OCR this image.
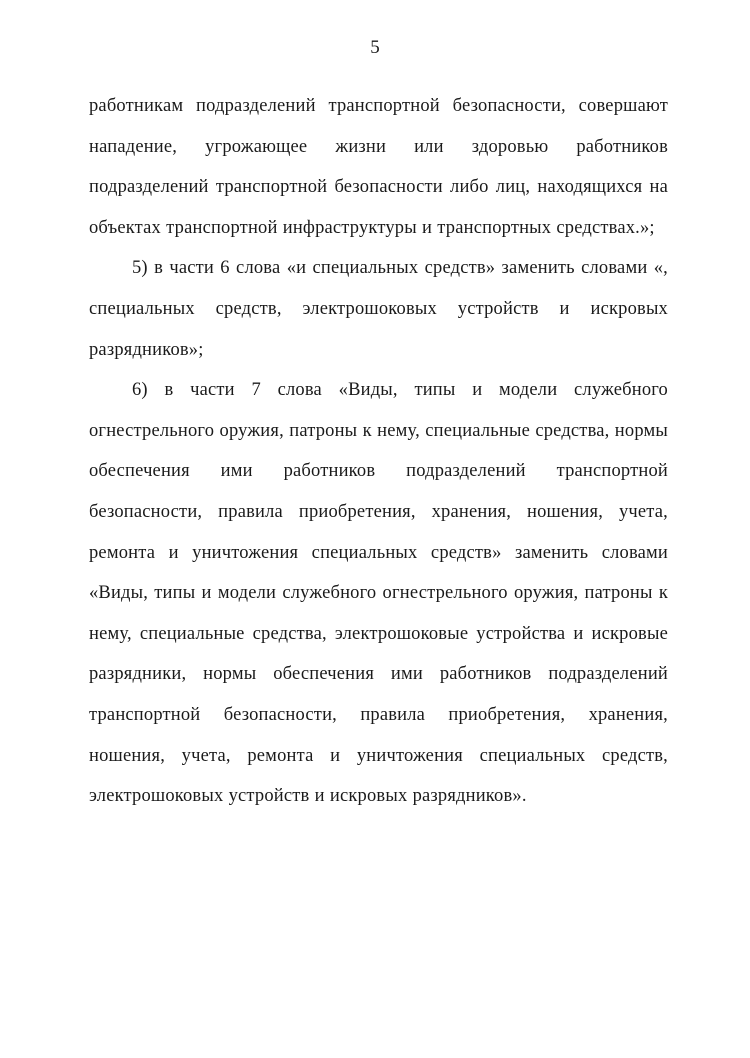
5

работникам подразделений транспортной безопасности, совершают нападение, угрожающее жизни или здоровью работников подразделений транспортной безопасности либо лиц, находящихся на объектах транспортной инфраструктуры и транспортных средствах.»;

5) в части 6 слова «и специальных средств» заменить словами «, специальных средств, электрошоковых устройств и искровых разрядников»;

6) в части 7 слова «Виды, типы и модели служебного огнестрельного оружия, патроны к нему, специальные средства, нормы обеспечения ими работников подразделений транспортной безопасности, правила приобретения, хранения, ношения, учета, ремонта и уничтожения специальных средств» заменить словами «Виды, типы и модели служебного огнестрельного оружия, патроны к нему, специальные средства, электрошоковые устройства и искровые разрядники, нормы обеспечения ими работников подразделений транспортной безопасности, правила приобретения, хранения, ношения, учета, ремонта и уничтожения специальных средств, электрошоковых устройств и искровых разрядников».
